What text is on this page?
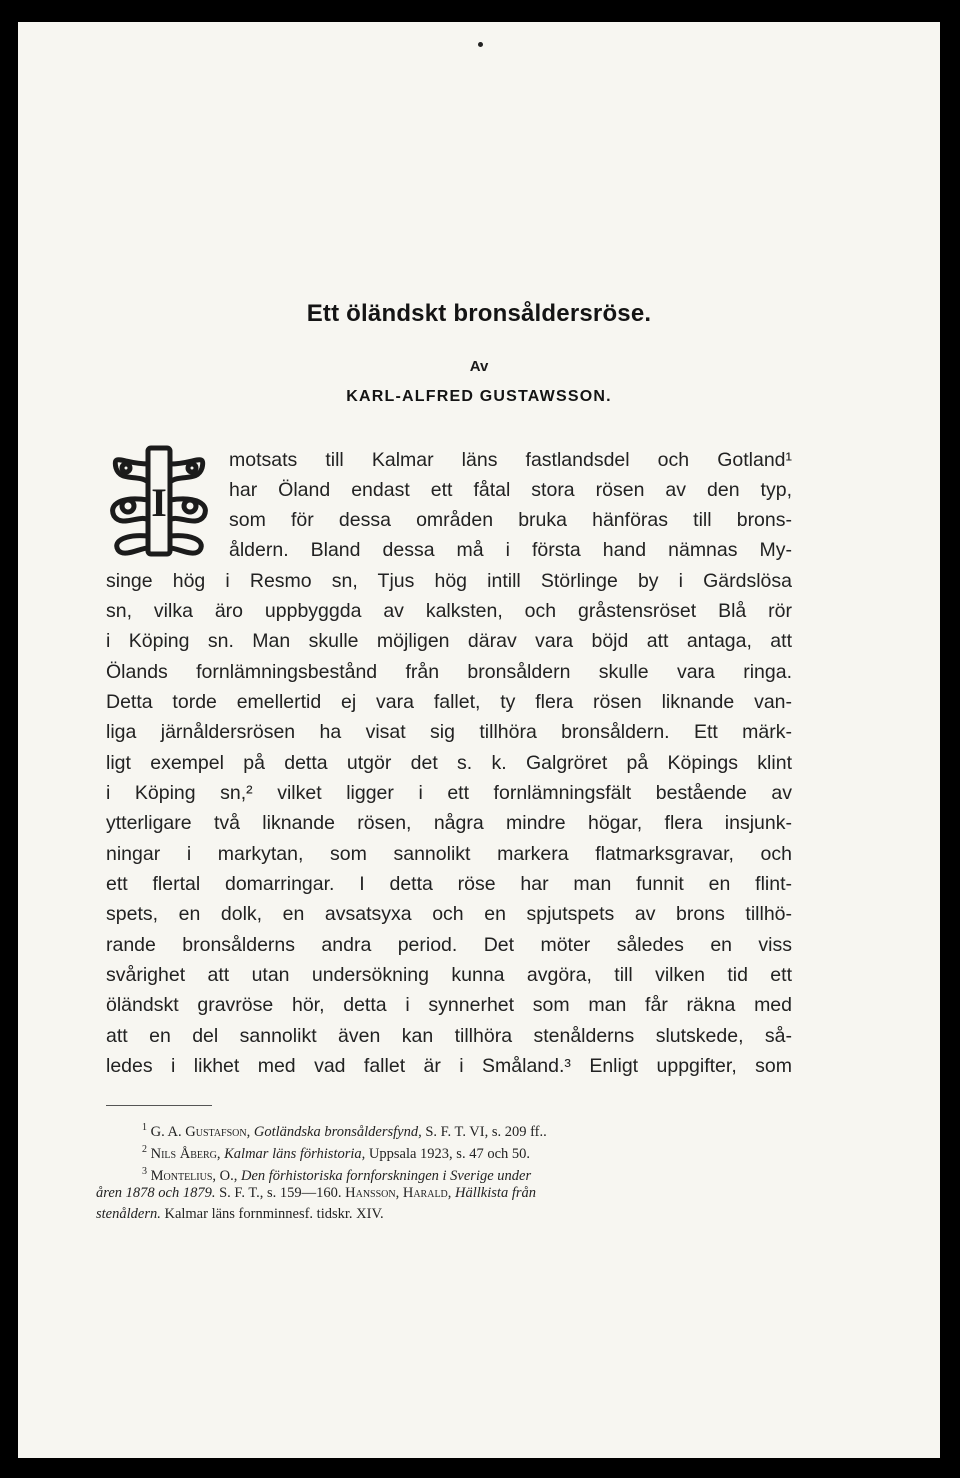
Ett öländskt bronsåldersröse.
Av
KARL-ALFRED GUSTAWSSON.
I
motsats till Kalmar läns fastlandsdel och Gotland¹
har Öland endast ett fåtal stora rösen av den typ,
som för dessa områden bruka hänföras till brons-
åldern. Bland dessa må i första hand nämnas My-
singe hög i Resmo sn, Tjus hög intill Störlinge by i Gärdslösa
sn, vilka äro uppbyggda av kalksten, och gråstensröset Blå rör
i Köping sn. Man skulle möjligen därav vara böjd att antaga, att
Ölands fornlämningsbestånd från bronsåldern skulle vara ringa.
Detta torde emellertid ej vara fallet, ty flera rösen liknande van-
liga järnåldersrösen ha visat sig tillhöra bronsåldern. Ett märk-
ligt exempel på detta utgör det s. k. Galgröret på Köpings klint
i Köping sn,² vilket ligger i ett fornlämningsfält bestående av
ytterligare två liknande rösen, några mindre högar, flera insjunk-
ningar i markytan, som sannolikt markera flatmarksgravar, och
ett flertal domarringar. I detta röse har man funnit en flint-
spets, en dolk, en avsatsyxa och en spjutspets av brons tillhö-
rande bronsålderns andra period. Det möter således en viss
svårighet att utan undersökning kunna avgöra, till vilken tid ett
öländskt gravröse hör, detta i synnerhet som man får räkna med
att en del sannolikt även kan tillhöra stenålderns slutskede, så-
ledes i likhet med vad fallet är i Småland.³ Enligt uppgifter, som
$^1$ G. A. Gustafson, Gotländska bronsåldersfynd, S. F. T. VI, s. 209 ff..
$^2$ Nils Åberg, Kalmar läns förhistoria, Uppsala 1923, s. 47 och 50.
$^3$ Montelius, O., Den förhistoriska fornforskningen i Sverige under
åren 1878 och 1879. S. F. T., s. 159—160. Hansson, Harald, Hällkista från
stenåldern. Kalmar läns fornminnesf. tidskr. XIV.
